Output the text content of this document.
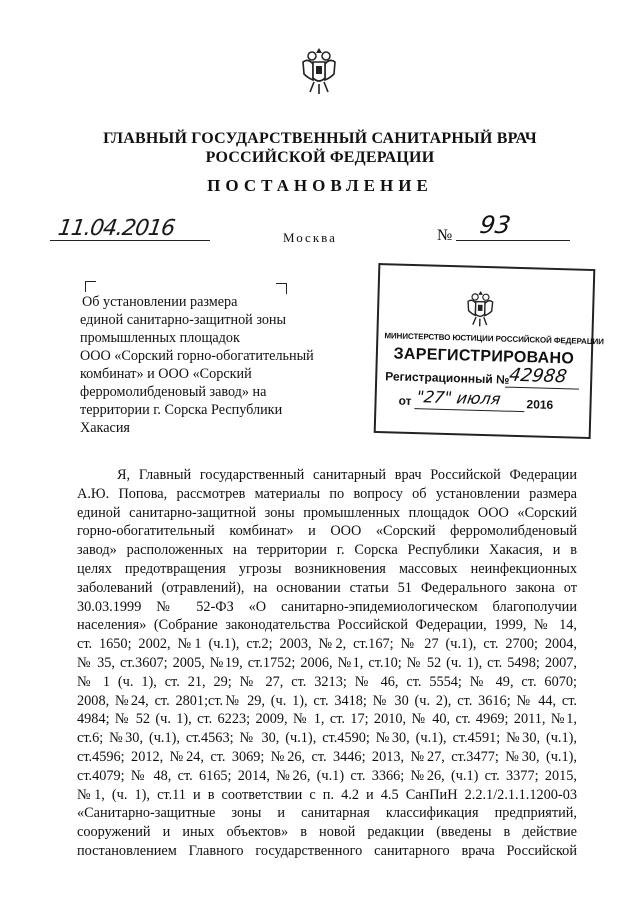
ГЛАВНЫЙ ГОСУДАРСТВЕННЫЙ САНИТАРНЫЙ ВРАЧ
РОССИЙСКОЙ ФЕДЕРАЦИИ
ПОСТАНОВЛЕНИЕ
11.04.2016	Москва	№ 93
Об установлении размера
единой санитарно-защитной зоны
промышленных площадок
ООО «Сорский горно-обогатительный
комбинат» и ООО «Сорский
ферромолибденовый завод» на
территории г. Сорска Республики
Хакасия
МИНИСТЕРСТВО ЮСТИЦИИ РОССИЙСКОЙ ФЕДЕРАЦИИ
ЗАРЕГИСТРИРОВАНО
Регистрационный №
42988
от "27" июля 2016
Я, Главный государственный санитарный врач Российской Федерации
А.Ю. Попова, рассмотрев материалы по вопросу об установлении размера
единой санитарно-защитной зоны промышленных площадок ООО «Сорский
горно-обогатительный комбинат» и ООО «Сорский ферромолибденовый
завод» расположенных на территории г. Сорска Республики Хакасия, и в
целях предотвращения угрозы возникновения массовых неинфекционных
заболеваний (отравлений), на основании статьи 51 Федерального закона от
30.03.1999 № 52-ФЗ «О санитарно-эпидемиологическом благополучии
населения» (Собрание законодательства Российской Федерации, 1999, № 14,
ст. 1650; 2002, №1 (ч.1), ст.2; 2003, №2, ст.167; № 27 (ч.1), ст. 2700; 2004,
№ 35, ст.3607; 2005, №19, ст.1752; 2006, №1, ст.10; № 52 (ч. 1), ст. 5498; 2007,
№ 1 (ч. 1), ст. 21, 29; № 27, ст. 3213; № 46, ст. 5554; № 49, ст. 6070;
2008, №24, ст. 2801;ст.№ 29, (ч. 1), ст. 3418; № 30 (ч. 2), ст. 3616; № 44, ст.
4984; № 52 (ч. 1), ст. 6223; 2009, № 1, ст. 17; 2010, № 40, ст. 4969; 2011, №1,
ст.6; №30, (ч.1), ст.4563; № 30, (ч.1), ст.4590; №30, (ч.1), ст.4591; №30, (ч.1),
ст.4596; 2012, №24, ст. 3069; №26, ст. 3446; 2013, №27, ст.3477; №30, (ч.1),
ст.4079; № 48, ст. 6165; 2014, №26, (ч.1) ст. 3366; №26, (ч.1) ст. 3377; 2015,
№1, (ч. 1), ст.11 и в соответствии с п. 4.2 и 4.5 СанПиН 2.2.1/2.1.1.1200-03
«Санитарно-защитные зоны и санитарная классификация предприятий,
сооружений и иных объектов» в новой редакции (введены в действие
постановлением Главного государственного санитарного врача Российской
